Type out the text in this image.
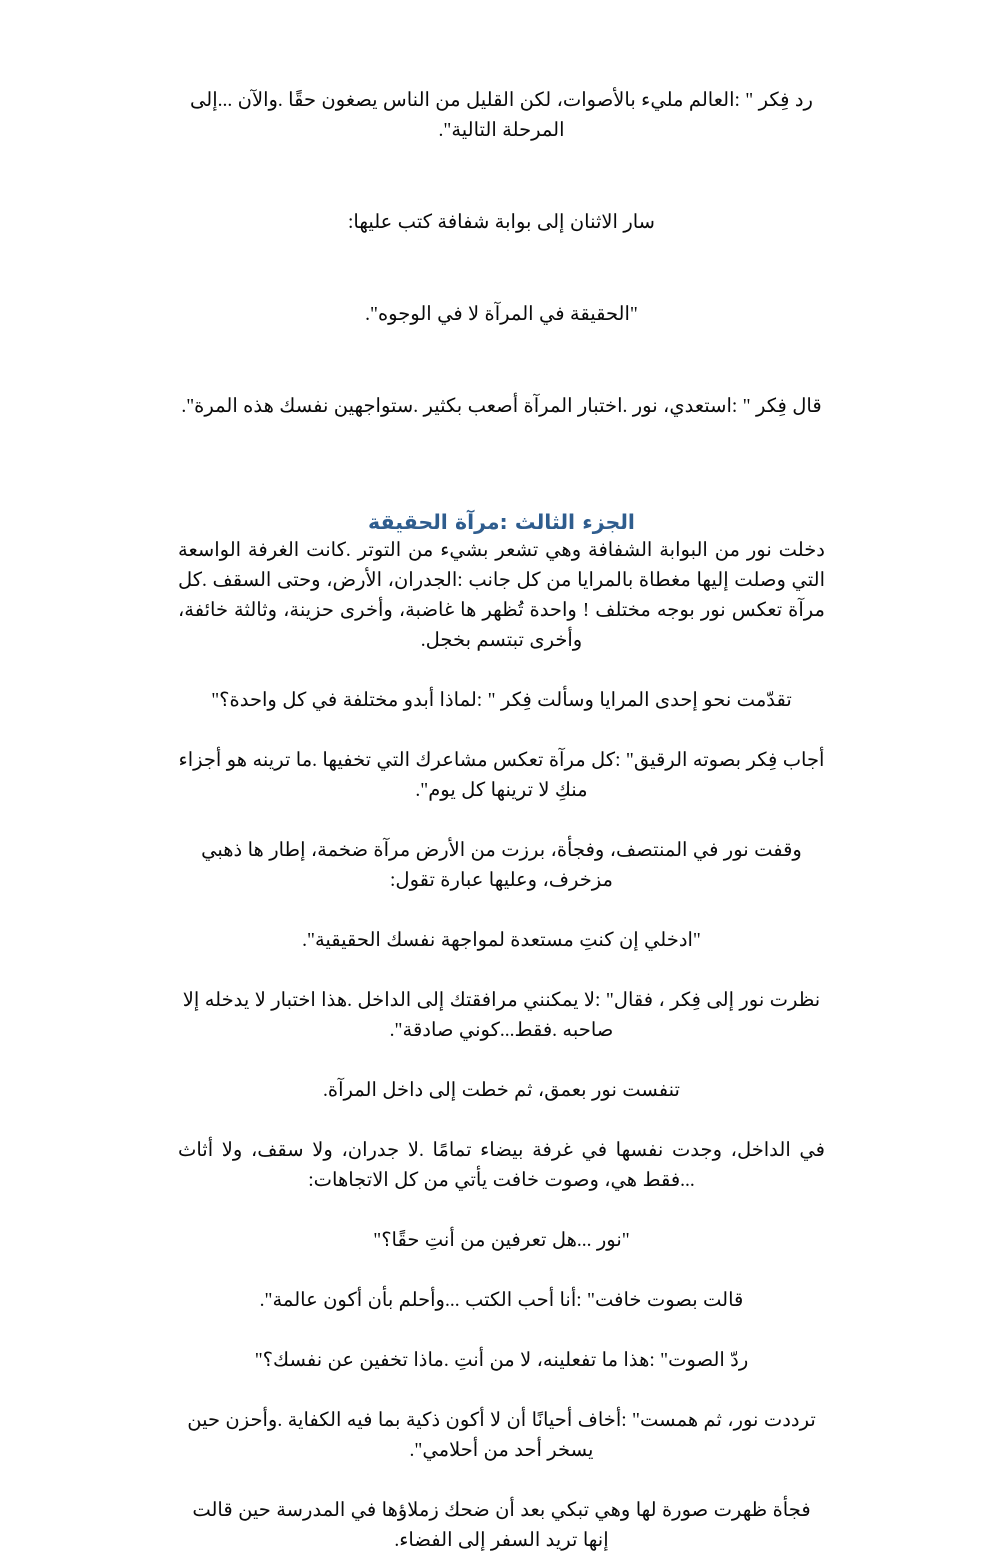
رد فِكر " :العالم مليء بالأصوات، لكن القليل من الناس يصغون حقًا .والآن ...إلى المرحلة التالية".

سار الاثنان إلى بوابة شفافة كتب عليها:

"الحقيقة في المرآة لا في الوجوه".

قال فِكر " :استعدي، نور .اختبار المرآة أصعب بكثير .ستواجهين نفسك هذه المرة".

الجزء الثالث :مرآة الحقيقة

دخلت نور من البوابة الشفافة وهي تشعر بشيء من التوتر .كانت الغرفة الواسعة التي وصلت إليها مغطاة بالمرايا من كل جانب :الجدران، الأرض، وحتى السقف .كل مرآة تعكس نور بوجه مختلف ! واحدة تُظهر ها غاضبة، وأخرى حزينة، وثالثة خائفة، وأخرى تبتسم بخجل.

تقدّمت نحو إحدى المرايا وسألت فِكر " :لماذا أبدو مختلفة في كل واحدة؟"

أجاب فِكر بصوته الرقيق" :كل مرآة تعكس مشاعرك التي تخفيها .ما ترينه هو أجزاء منكِ لا ترينها كل يوم".

وقفت نور في المنتصف، وفجأة، برزت من الأرض مرآة ضخمة، إطار ها ذهبي مزخرف، وعليها عبارة تقول:

"ادخلي إن كنتِ مستعدة لمواجهة نفسك الحقيقية".

نظرت نور إلى فِكر ، فقال" :لا يمكنني مرافقتك إلى الداخل .هذا اختبار لا يدخله إلا صاحبه .فقط...كوني صادقة".

تنفست نور بعمق، ثم خطت إلى داخل المرآة.

في الداخل، وجدت نفسها في غرفة بيضاء تمامًا .لا جدران، ولا سقف، ولا أثاث ...فقط هي، وصوت خافت يأتي من كل الاتجاهات:

"نور ...هل تعرفين من أنتِ حقًا؟"

قالت بصوت خافت" :أنا أحب الكتب ...وأحلم بأن أكون عالمة".

ردّ الصوت" :هذا ما تفعلينه، لا من أنتِ .ماذا تخفين عن نفسك؟"

ترددت نور، ثم همست" :أخاف أحيانًا أن لا أكون ذكية بما فيه الكفاية .وأحزن حين يسخر أحد من أحلامي".

فجأة ظهرت صورة لها وهي تبكي بعد أن ضحك زملاؤها في المدرسة حين قالت إنها تريد السفر إلى الفضاء.
